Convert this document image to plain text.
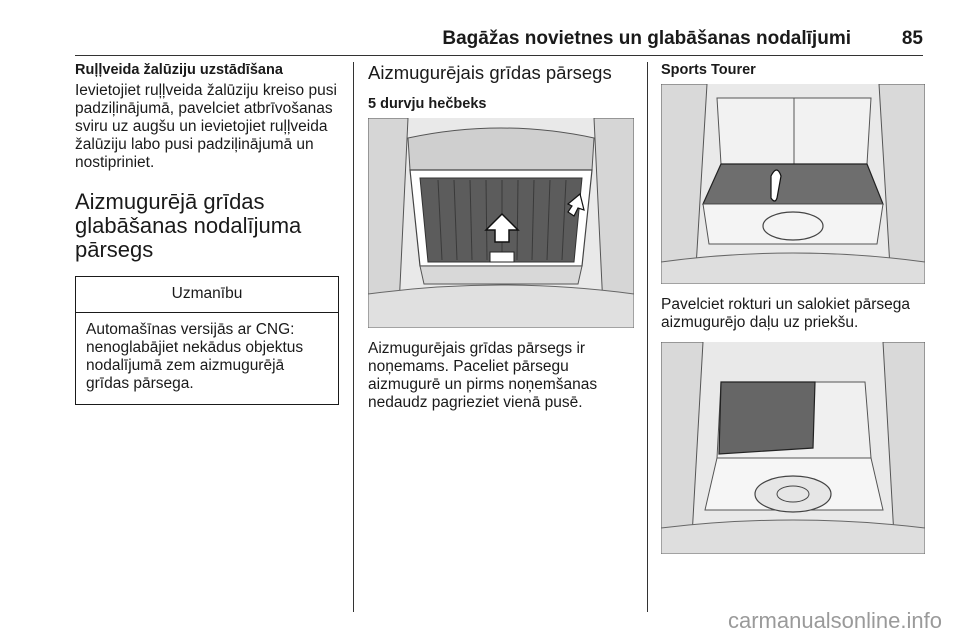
Bagāžas novietnes un glabāšanas nodalījumi	85
Ruļļveida žalūziju uzstādīšana

Ievietojiet ruļļveida žalūziju kreiso pusi padziļinājumā, pavelciet atbrīvošanas sviru uz augšu un ievietojiet ruļļveida žalūziju labo pusi padziļinājumā un nostipriniet.

Aizmugurējā grīdas
glabāšanas nodalījuma
pārsegs
Uzmanību
Automašīnas versijās ar CNG: nenoglabājiet nekādus objektus nodalījumā zem aizmugurējā grīdas pārsega.
Aizmugurējais grīdas pārsegs
5 durvju hečbeks

Aizmugurējais grīdas pārsegs ir noņemams. Paceliet pārsegu aizmugurē un pirms noņemšanas nedaudz pagrieziet vienā pusē.

Sports Tourer

Pavelciet rokturi un salokiet pārsega aizmugurējo daļu uz priekšu.

carmanualsonline.info
